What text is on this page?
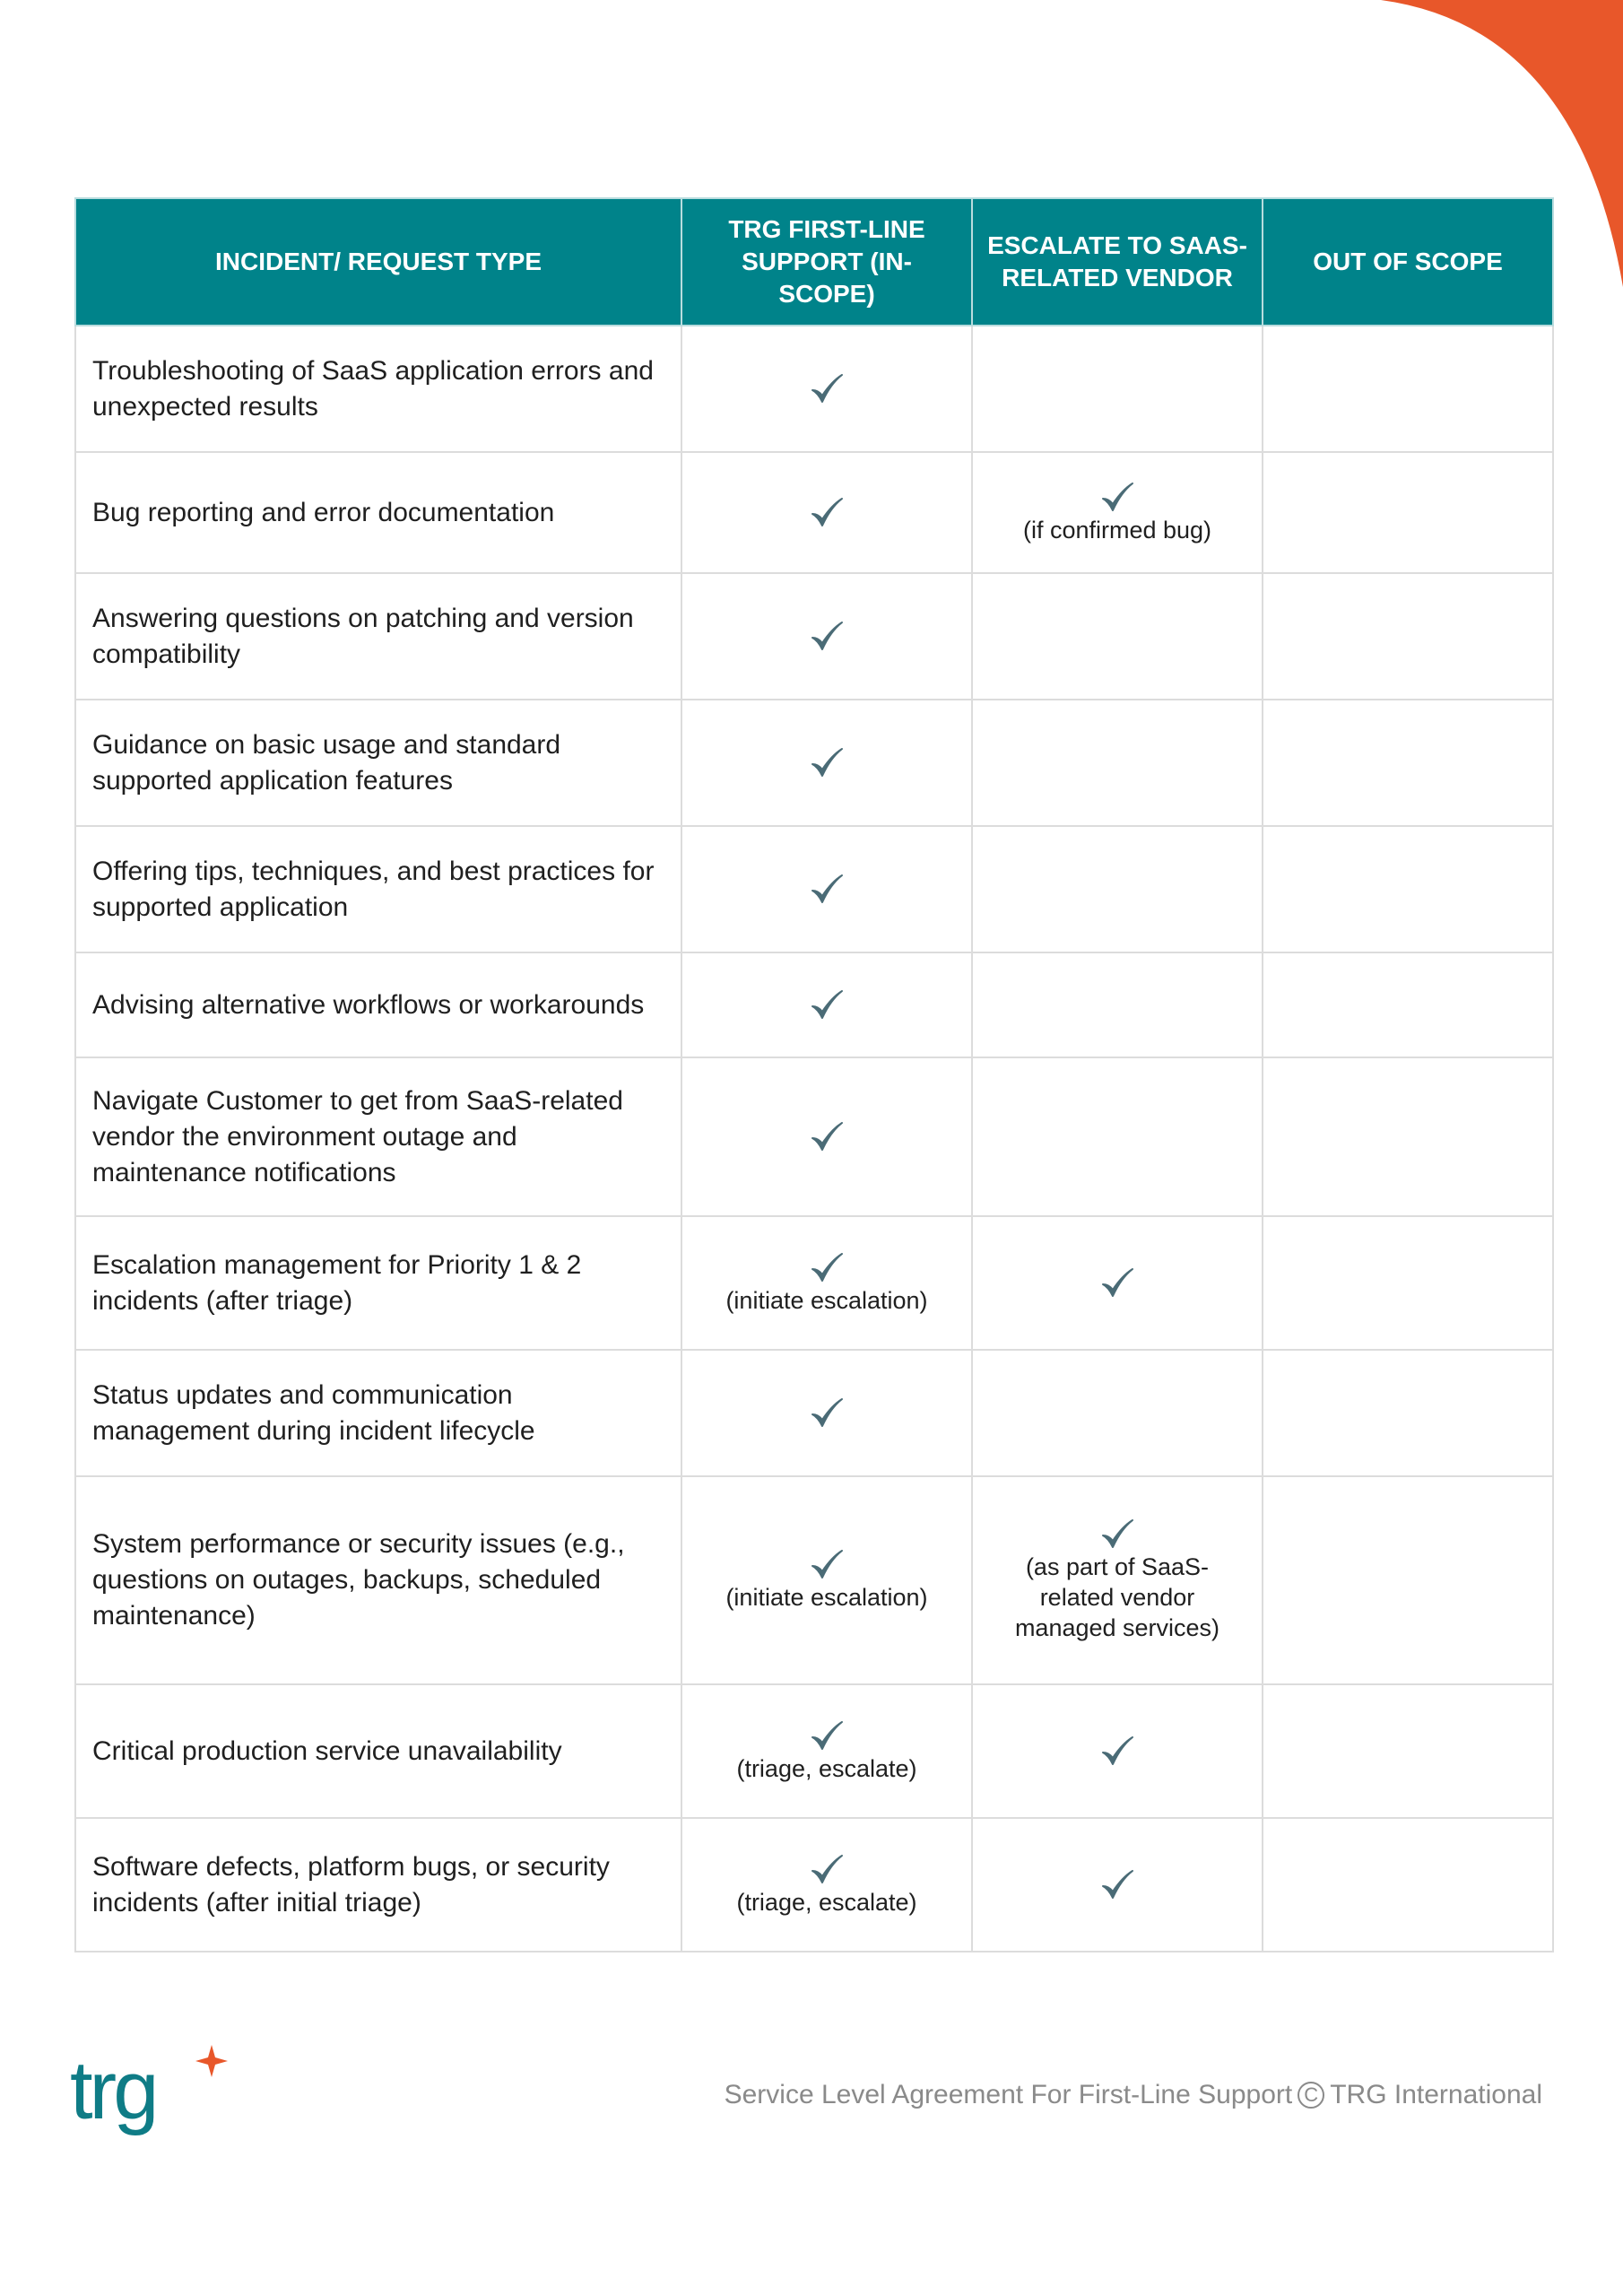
INCIDENT/ REQUEST TYPE	TRG FIRST-LINE SUPPORT (IN-SCOPE)	ESCALATE TO SAAS-RELATED VENDOR	OUT OF SCOPE
Troubleshooting of SaaS application errors and unexpected results	

Bug reporting and error documentation		(if confirmed bug)	

Answering questions on patching and version compatibility	

Guidance on basic usage and standard supported application features	

Offering tips, techniques, and best practices for supported application	

Advising alternative workflows or workarounds	

Navigate Customer to get from SaaS-related vendor the environment outage and maintenance notifications	

Escalation management for Priority 1 & 2 incidents (after triage)	(initiate escalation)

Status updates and communication management during incident lifecycle	

System performance or security issues (e.g., questions on outages, backups, scheduled maintenance)	(initiate escalation)	(as part of SaaS-related vendor managed services)	

Critical production service unavailability	(triage, escalate)

Software defects, platform bugs, or security incidents (after initial triage)	(triage, escalate)

trg	Service Level Agreement For First-Line Support C TRG International
